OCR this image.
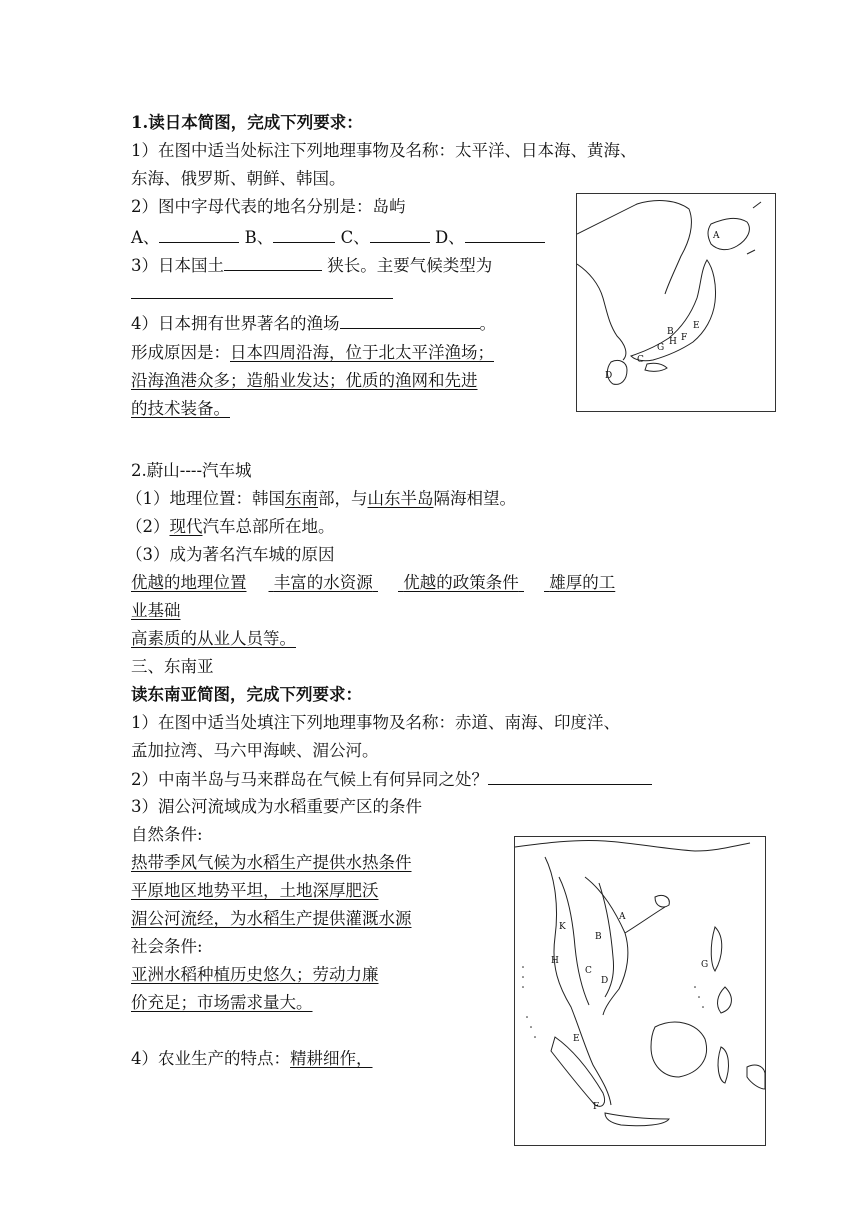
1.读日本简图，完成下列要求：
1）在图中适当处标注下列地理事物及名称：太平洋、日本海、黄海、
东海、俄罗斯、朝鲜、韩国。
2）图中字母代表的地名分别是：岛屿
A、	B、	C、	D、
3）日本国土	狭长。主要气候类型为
4）日本拥有世界著名的渔场	。
形成原因是：日本四周沿海，位于北太平洋渔场；
沿海渔港众多；造船业发达；优质的渔网和先进
的技术装备。
A
B
C
D
E
F
G
H
2.蔚山----汽车城
（1）地理位置：韩国东南部，与山东半岛隔海相望。
（2）现代汽车总部所在地。
（3）成为著名汽车城的原因
优越的地理位置 丰富的水资源 优越的政策条件 雄厚的工
业基础
高素质的从业人员等。
三、东南亚
读东南亚简图，完成下列要求：
1）在图中适当处填注下列地理事物及名称：赤道、南海、印度洋、
孟加拉湾、马六甲海峡、湄公河。
2）中南半岛与马来群岛在气候上有何异同之处？
3）湄公河流域成为水稻重要产区的条件
自然条件:
热带季风气候为水稻生产提供水热条件
平原地区地势平坦，土地深厚肥沃
湄公河流经，为水稻生产提供灌溉水源
社会条件:
亚洲水稻种植历史悠久；劳动力廉
价充足；市场需求量大。
4）农业生产的特点：精耕细作，
A
B
C
D
E
F
G
H
K
